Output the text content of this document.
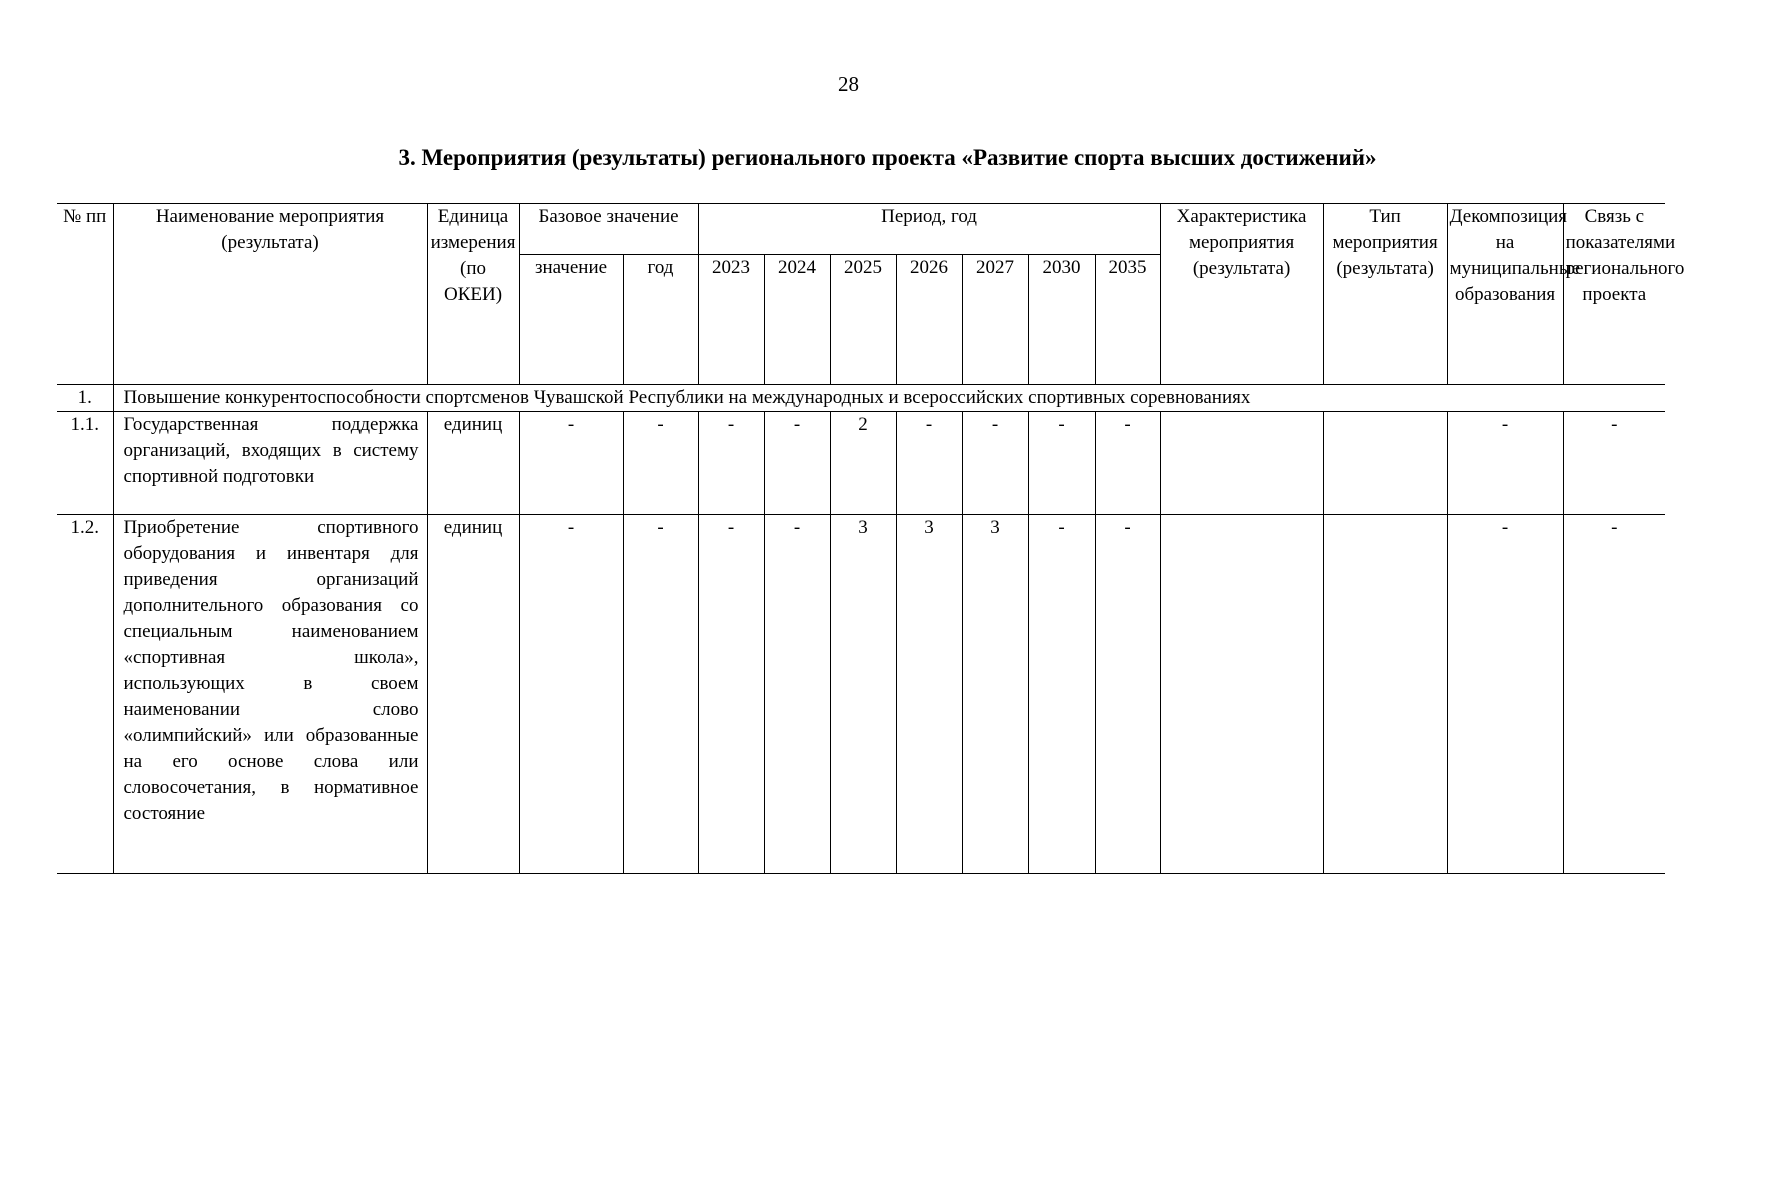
28
3. Мероприятия (результаты) регионального проекта «Развитие спорта высших достижений»
№ пп	Наименование мероприятия (результата)	Единица измерения (по ОКЕИ)	Базовое значение		Период, год							Характеристика мероприятия (результата)	Тип мероприятия (результата)	Декомпозиция на муниципальные образования	Связь с показателями регионального проекта
			значение	год	2023	2024	2025	2026	2027	2030	2035				
1.	Повышение конкурентоспособности спортсменов Чувашской Республики на международных и всероссийских спортивных соревнованиях														
1.1.	Государственная поддержка организаций, входящих в систему спортивной подготовки	единиц	-	-	-	-	2	-	-	-	-			-	-
1.2.	Приобретение спортивного оборудования и инвентаря для приведения организаций дополнительного образования со специальным наименованием «спортивная школа», использующих в своем наименовании слово «олимпийский» или образованные на его основе слова или словосочетания, в нормативное состояние	единиц	-	-	-	-	3	3	3	-	-			-	-
